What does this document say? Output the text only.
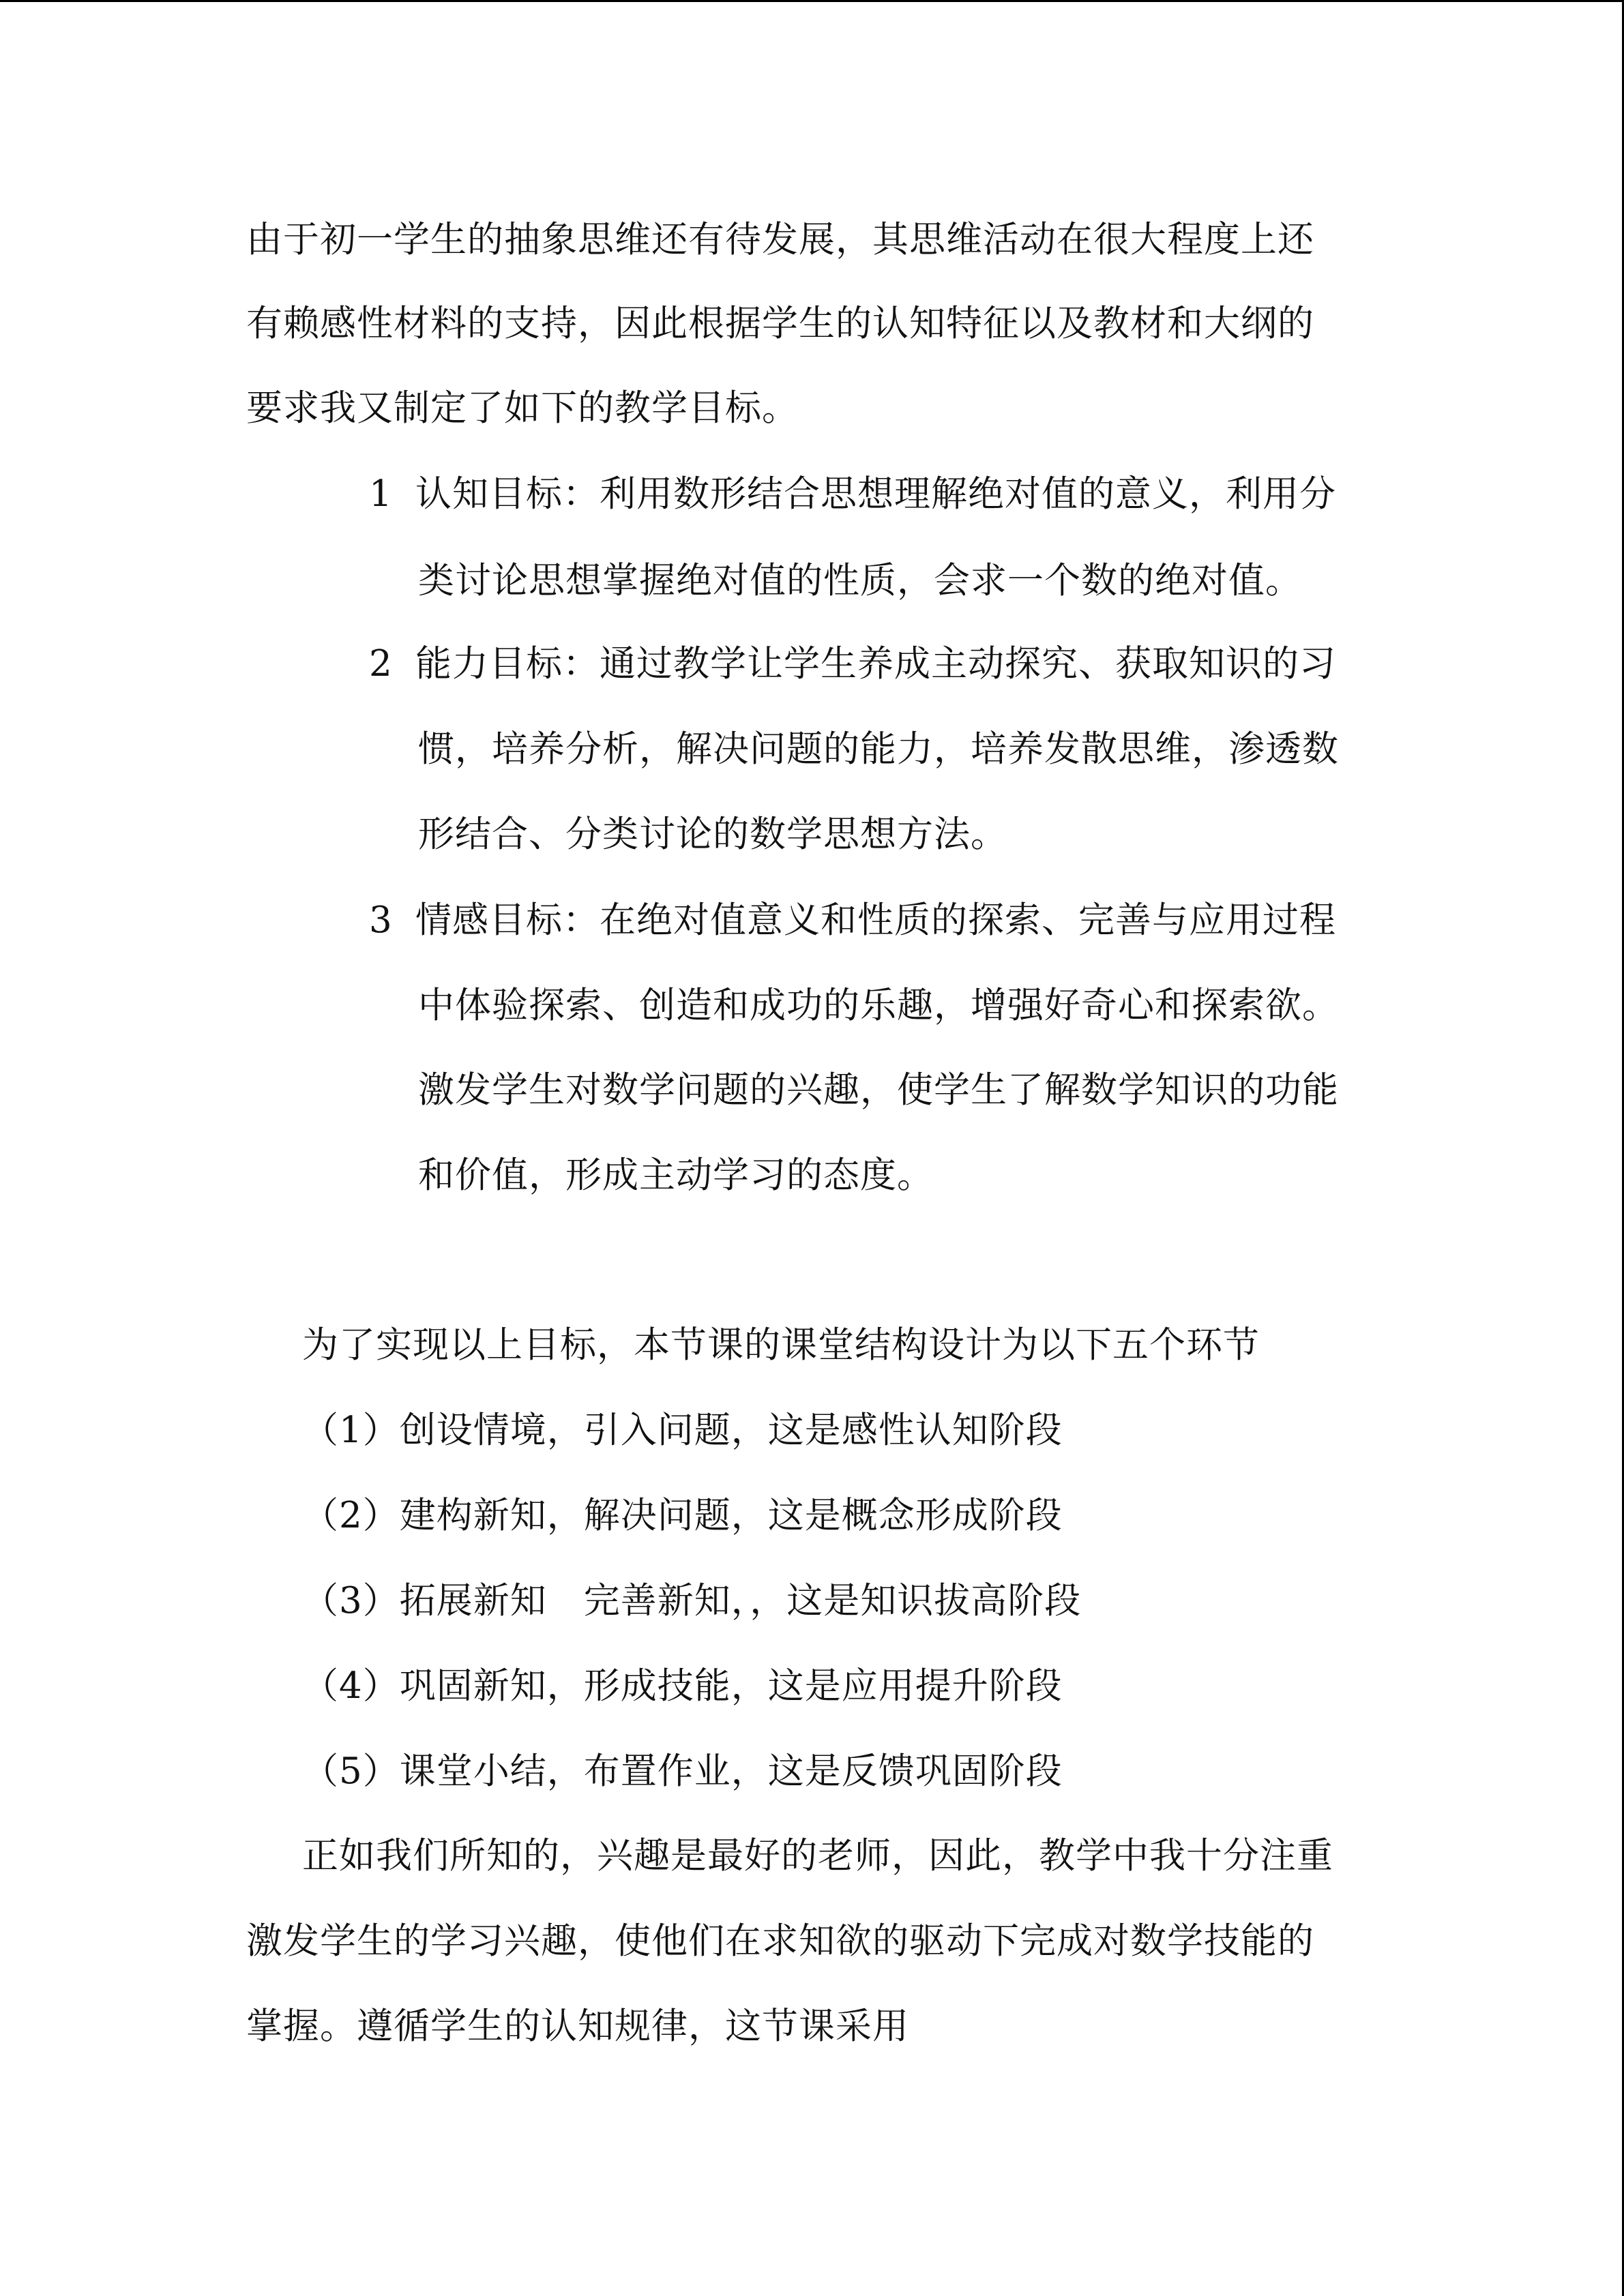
由于初一学生的抽象思维还有待发展，其思维活动在很大程度上还
有赖感性材料的支持，因此根据学生的认知特征以及教材和大纲的
要求我又制定了如下的教学目标。
1 认知目标：利用数形结合思想理解绝对值的意义，利用分
类讨论思想掌握绝对值的性质，会求一个数的绝对值。
2 能力目标：通过教学让学生养成主动探究、获取知识的习
惯，培养分析，解决问题的能力，培养发散思维，渗透数
形结合、分类讨论的数学思想方法。
3 情感目标：在绝对值意义和性质的探索、完善与应用过程
中体验探索、创造和成功的乐趣，增强好奇心和探索欲。
激发学生对数学问题的兴趣，使学生了解数学知识的功能
和价值，形成主动学习的态度。
为了实现以上目标，本节课的课堂结构设计为以下五个环节
（1）创设情境，引入问题，这是感性认知阶段
（2）建构新知，解决问题，这是概念形成阶段
（3）拓展新知　完善新知，，这是知识拔高阶段
（4）巩固新知，形成技能，这是应用提升阶段
（5）课堂小结，布置作业，这是反馈巩固阶段
正如我们所知的，兴趣是最好的老师，因此，教学中我十分注重
激发学生的学习兴趣，使他们在求知欲的驱动下完成对数学技能的
掌握。遵循学生的认知规律，这节课采用
